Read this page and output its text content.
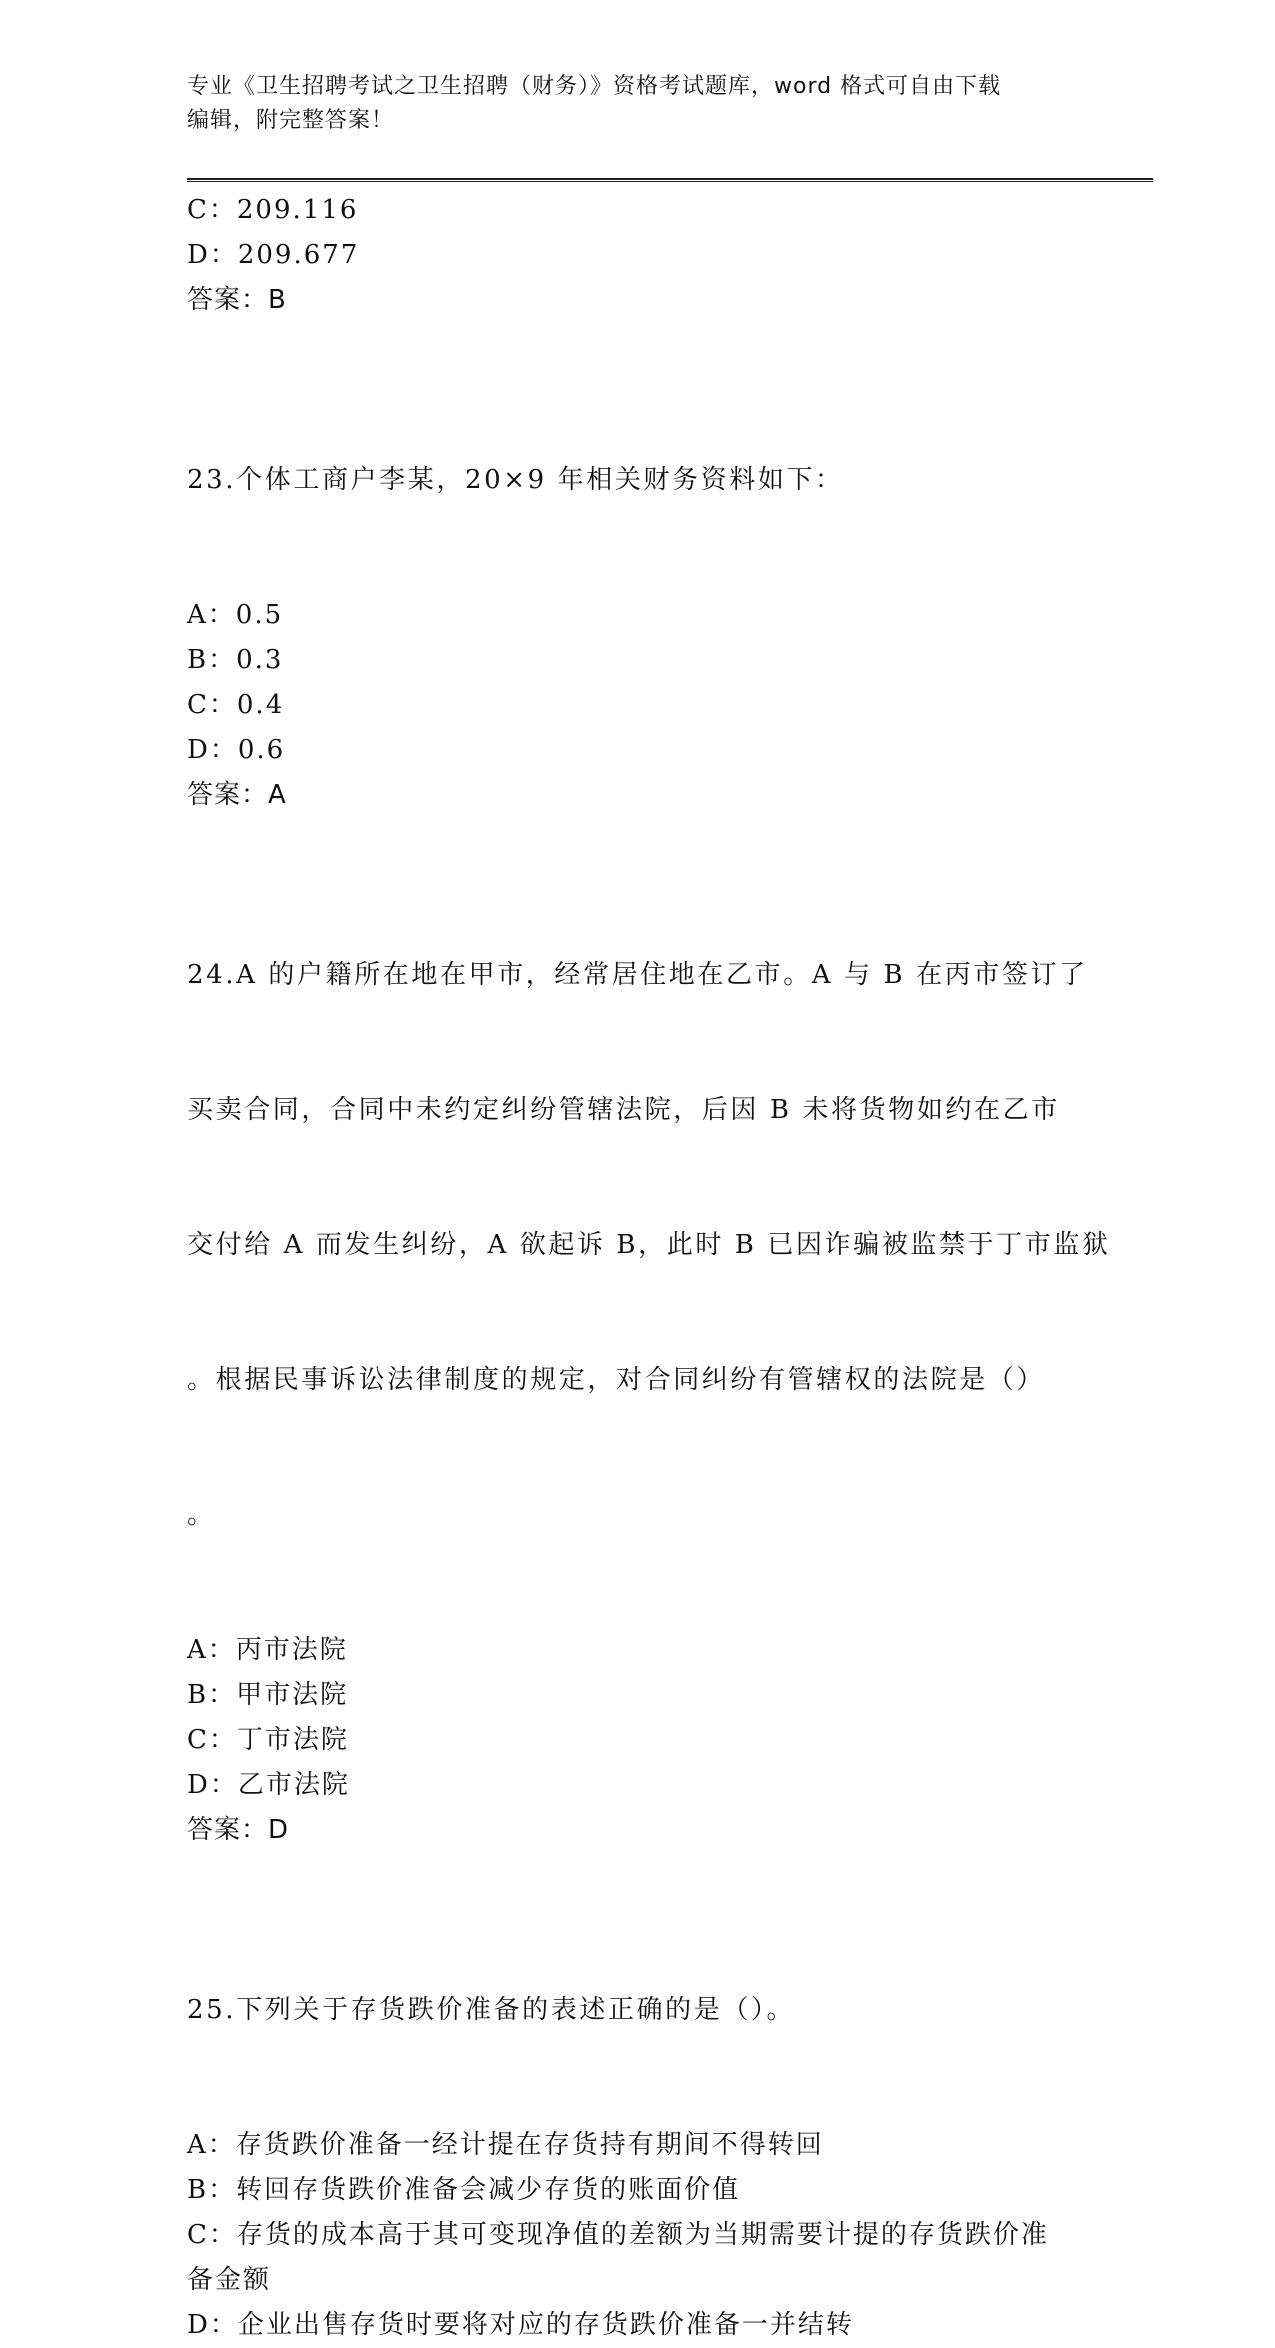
专业《卫生招聘考试之卫生招聘（财务）》资格考试题库，word 格式可自由下载
编辑，附完整答案！
C：209.116
D：209.677
答案：B

23.个体工商户李某，20×9 年相关财务资料如下：

A：0.5
B：0.3
C：0.4
D：0.6
答案：A

24.A 的户籍所在地在甲市，经常居住地在乙市。A 与 B 在丙市签订了

买卖合同，合同中未约定纠纷管辖法院，后因 B 未将货物如约在乙市

交付给 A 而发生纠纷，A 欲起诉 B，此时 B 已因诈骗被监禁于丁市监狱

。根据民事诉讼法律制度的规定，对合同纠纷有管辖权的法院是（）

。

A：丙市法院
B：甲市法院
C：丁市法院
D：乙市法院
答案：D

25.下列关于存货跌价准备的表述正确的是（）。

A：存货跌价准备一经计提在存货持有期间不得转回
B：转回存货跌价准备会减少存货的账面价值
C：存货的成本高于其可变现净值的差额为当期需要计提的存货跌价准
备金额
D：企业出售存货时要将对应的存货跌价准备一并结转
